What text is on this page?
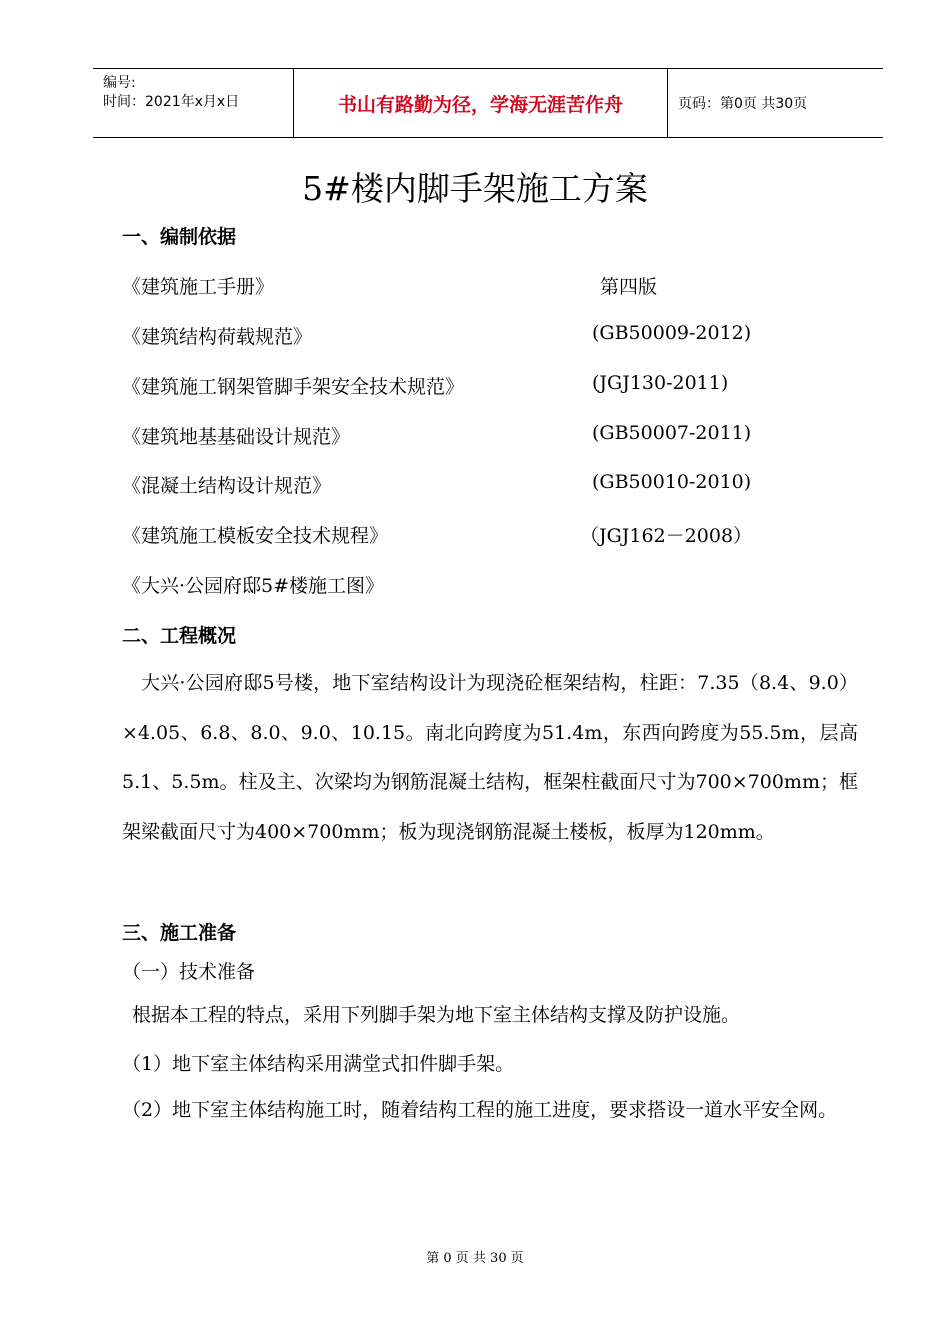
编号:
时间：2021年x月x日	书山有路勤为径，学海无涯苦作舟	页码：第0页 共30页
5#楼内脚手架施工方案
一、编制依据
《建筑施工手册》	第四版
《建筑结构荷载规范》	(GB50009-2012)
《建筑施工钢架管脚手架安全技术规范》	(JGJ130-2011)
《建筑地基基础设计规范》	(GB50007-2011)
《混凝土结构设计规范》	(GB50010-2010)
《建筑施工模板安全技术规程》	（JGJ162－2008）
《大兴·公园府邸5#楼施工图》
二、工程概况
大兴·公园府邸5号楼，地下室结构设计为现浇砼框架结构，柱距：7.35（8.4、9.0）×4.05、6.8、8.0、9.0、10.15。南北向跨度为51.4m，东西向跨度为55.5m，层高5.1、5.5m。柱及主、次梁均为钢筋混凝土结构，框架柱截面尺寸为700×700mm；框架梁截面尺寸为400×700mm；板为现浇钢筋混凝土楼板，板厚为120mm。
三、施工准备
（一）技术准备
根据本工程的特点，采用下列脚手架为地下室主体结构支撑及防护设施。
（1）地下室主体结构采用满堂式扣件脚手架。
（2）地下室主体结构施工时，随着结构工程的施工进度，要求搭设一道水平安全网。
第 0 页 共 30 页
